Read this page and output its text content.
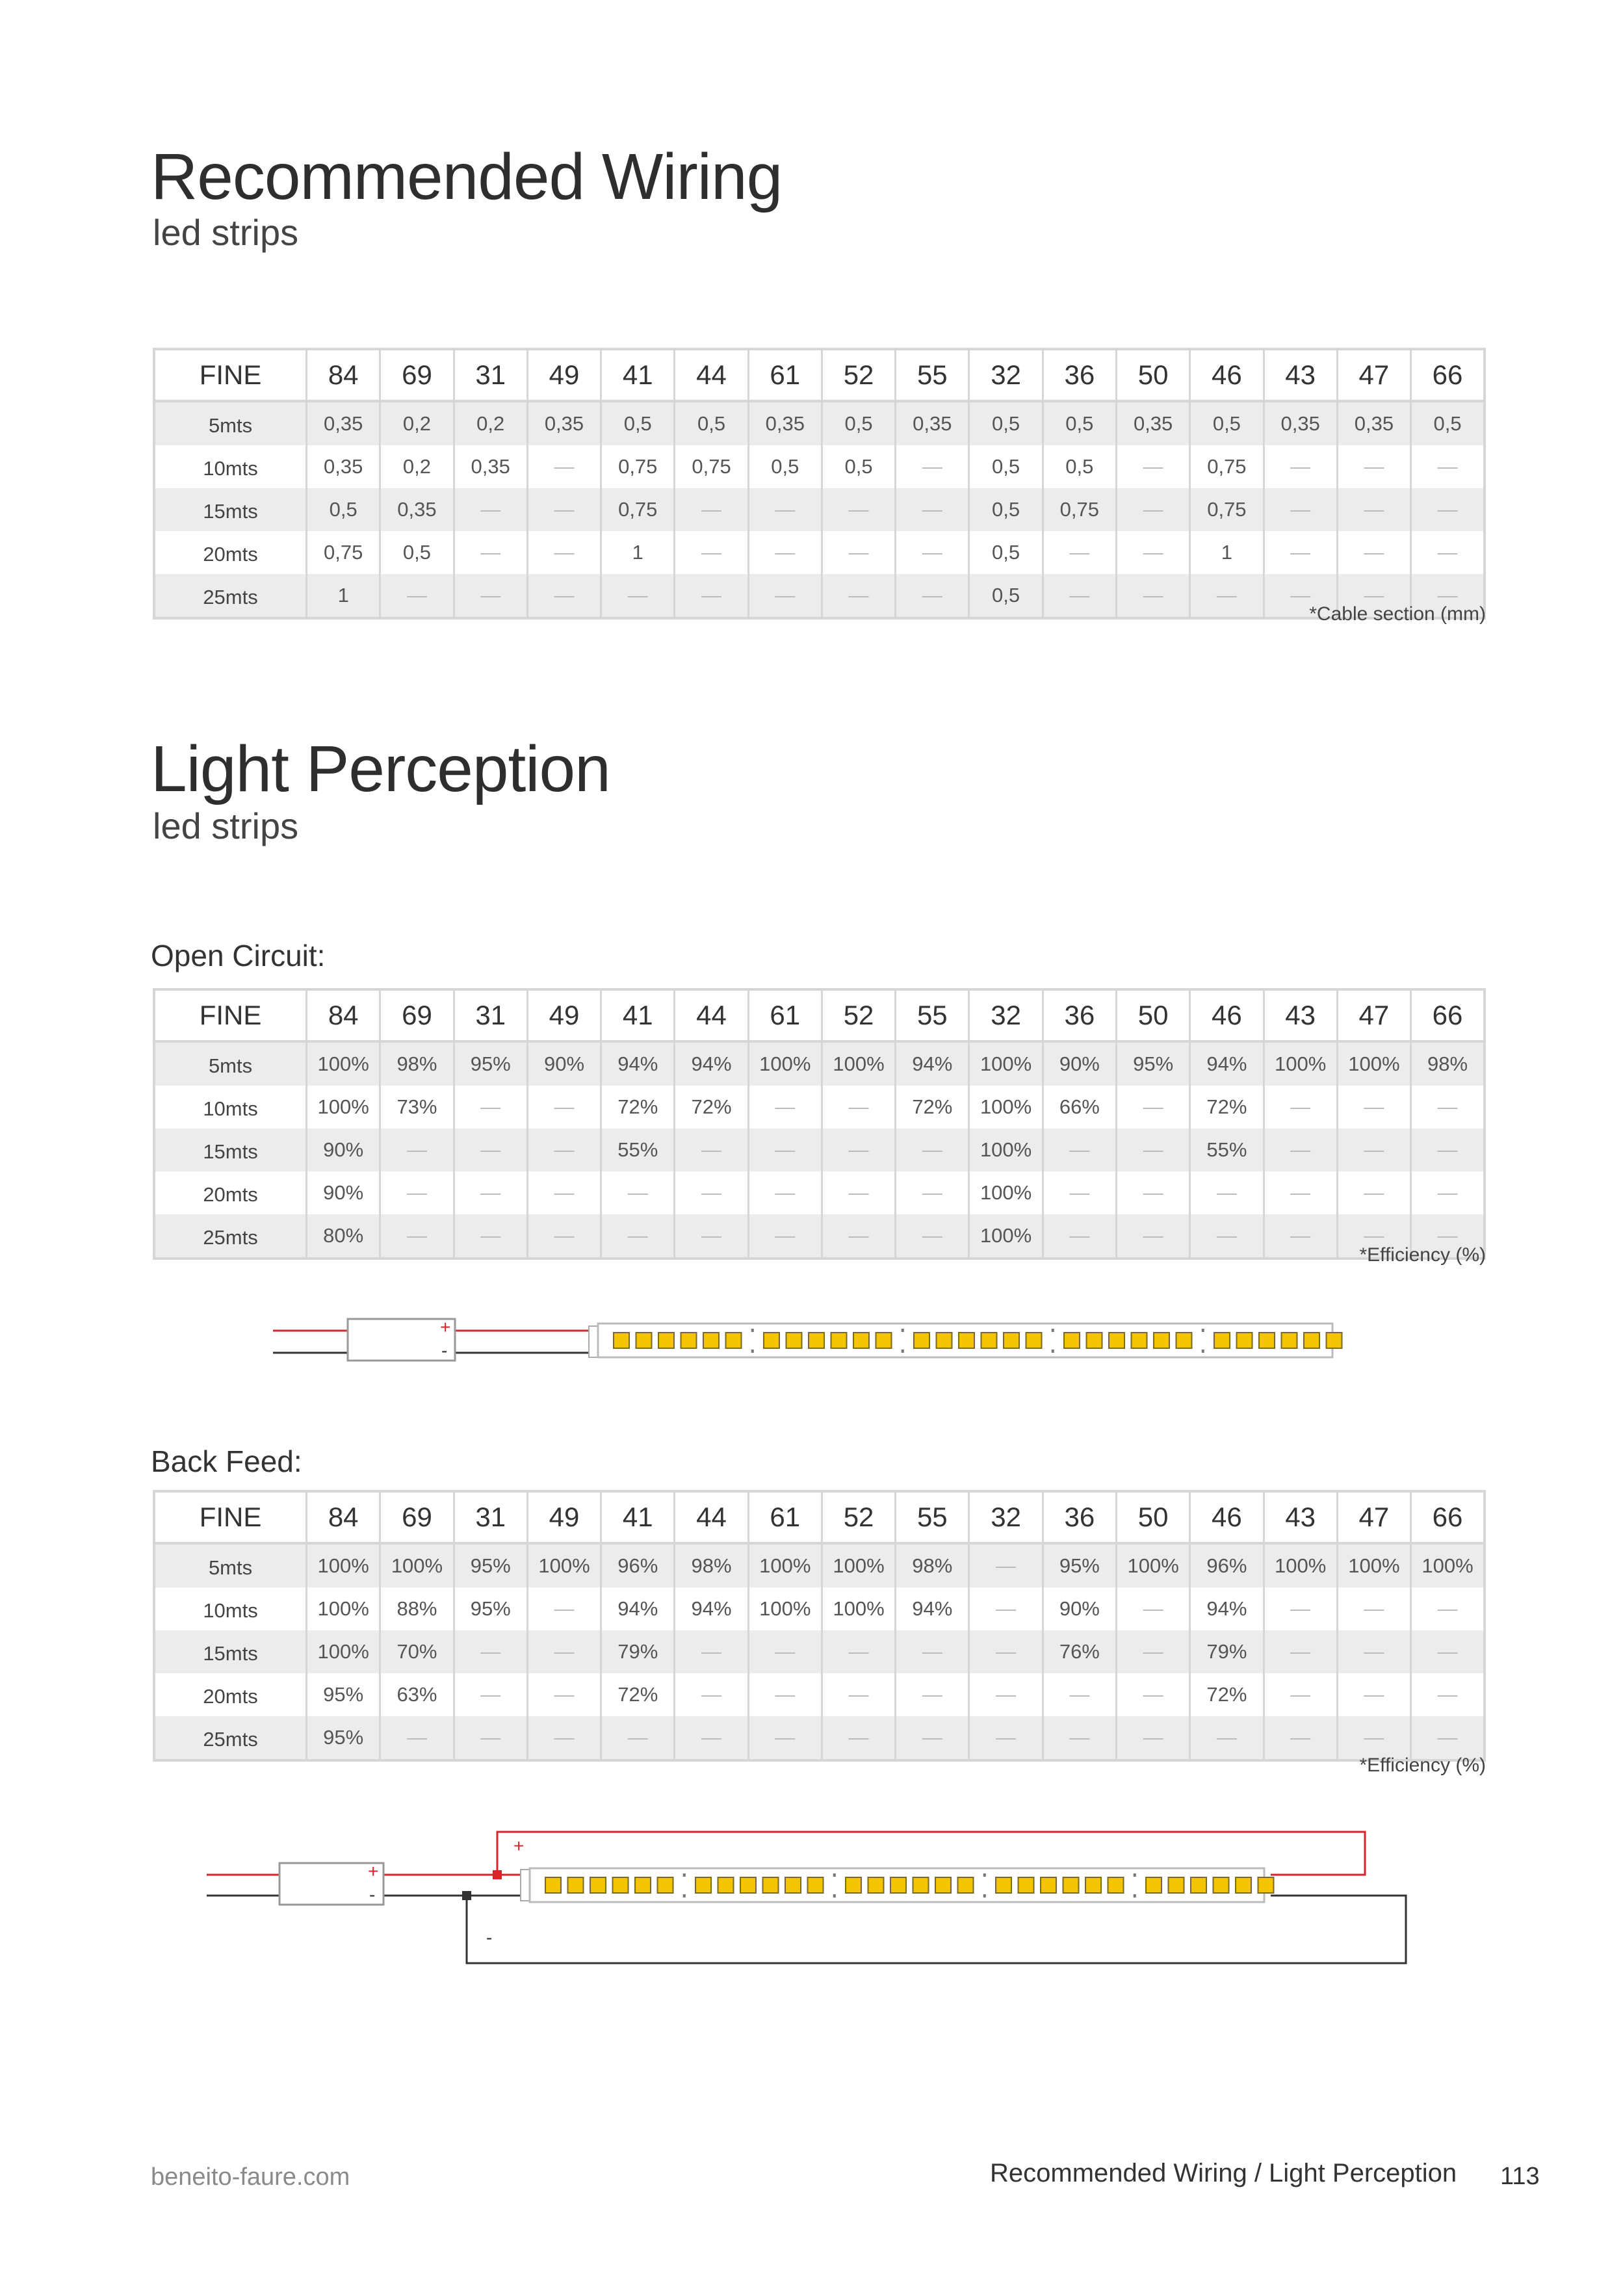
Recommended Wiring
led strips
FINE	84	69	31	49	41	44	61	52	55	32	36	50	46	43	47	66
5mts	0,35	0,2	0,2	0,35	0,5	0,5	0,35	0,5	0,35	0,5	0,5	0,35	0,5	0,35	0,35	0,5
10mts	0,35	0,2	0,35	—	0,75	0,75	0,5	0,5	—	0,5	0,5	—	0,75	—	—	—
15mts	0,5	0,35	—	—	0,75	—	—	—	—	0,5	0,75	—	0,75	—	—	—
20mts	0,75	0,5	—	—	1	—	—	—	—	0,5	—	—	1	—	—	—
25mts	1	—	—	—	—	—	—	—	—	0,5	—	—	—	—	—	—
*Cable section (mm)
Light Perception
led strips
Open Circuit:
FINE	84	69	31	49	41	44	61	52	55	32	36	50	46	43	47	66
5mts	100%	98%	95%	90%	94%	94%	100%	100%	94%	100%	90%	95%	94%	100%	100%	98%
10mts	100%	73%	—	—	72%	72%	—	—	72%	100%	66%	—	72%	—	—	—
15mts	90%	—	—	—	55%	—	—	—	—	100%	—	—	55%	—	—	—
20mts	90%	—	—	—	—	—	—	—	—	100%	—	—	—	—	—	—
25mts	80%	—	—	—	—	—	—	—	—	100%	—	—	—	—	—	—
*Efficiency (%)
+
-
Back Feed:
FINE	84	69	31	49	41	44	61	52	55	32	36	50	46	43	47	66
5mts	100%	100%	95%	100%	96%	98%	100%	100%	98%	—	95%	100%	96%	100%	100%	100%
10mts	100%	88%	95%	—	94%	94%	100%	100%	94%	—	90%	—	94%	—	—	—
15mts	100%	70%	—	—	79%	—	—	—	—	—	76%	—	79%	—	—	—
20mts	95%	63%	—	—	72%	—	—	—	—	—	—	—	72%	—	—	—
25mts	95%	—	—	—	—	—	—	—	—	—	—	—	—	—	—	—
*Efficiency (%)
+
-
+
-
beneito-faure.com	Recommended Wiring / Light Perception 113
